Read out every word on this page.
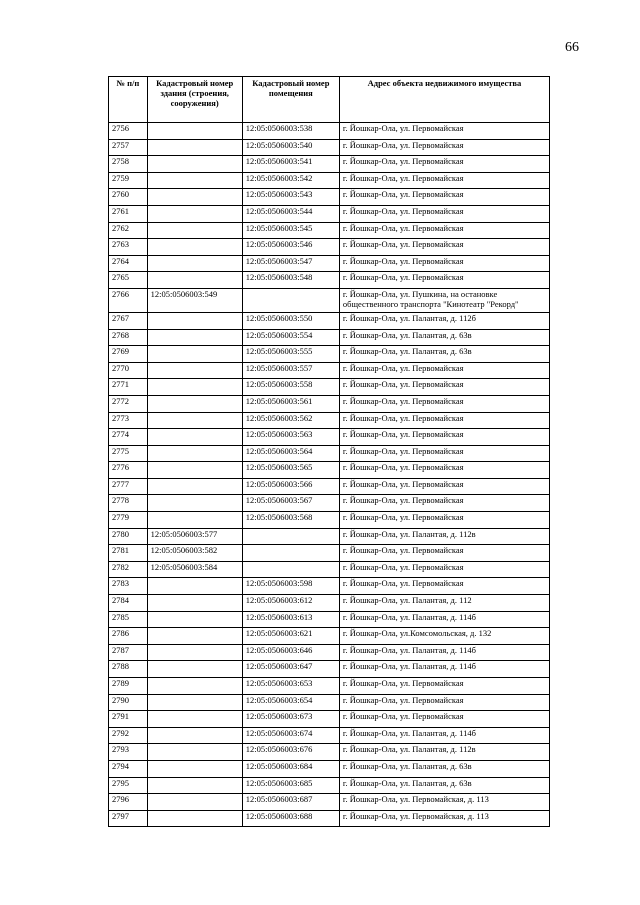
66
№ п/п	Кадастровый номер здания (строения, сооружения)	Кадастровый номер помещения	Адрес объекта недвижимого имущества
2756		12:05:0506003:538	г. Йошкар-Ола, ул. Первомайская
2757		12:05:0506003:540	г. Йошкар-Ола, ул. Первомайская
2758		12:05:0506003:541	г. Йошкар-Ола, ул. Первомайская
2759		12:05:0506003:542	г. Йошкар-Ола, ул. Первомайская
2760		12:05:0506003:543	г. Йошкар-Ола, ул. Первомайская
2761		12:05:0506003:544	г. Йошкар-Ола, ул. Первомайская
2762		12:05:0506003:545	г. Йошкар-Ола, ул. Первомайская
2763		12:05:0506003:546	г. Йошкар-Ола, ул. Первомайская
2764		12:05:0506003:547	г. Йошкар-Ола, ул. Первомайская
2765		12:05:0506003:548	г. Йошкар-Ола, ул. Первомайская
2766	12:05:0506003:549		г. Йошкар-Ола, ул. Пушкина, на остановке общественного транспорта "Кинотеатр "Рекорд"
2767		12:05:0506003:550	г. Йошкар-Ола, ул. Палантая, д. 112б
2768		12:05:0506003:554	г. Йошкар-Ола, ул. Палантая, д. 63в
2769		12:05:0506003:555	г. Йошкар-Ола, ул. Палантая, д. 63в
2770		12:05:0506003:557	г. Йошкар-Ола, ул. Первомайская
2771		12:05:0506003:558	г. Йошкар-Ола, ул. Первомайская
2772		12:05:0506003:561	г. Йошкар-Ола, ул. Первомайская
2773		12:05:0506003:562	г. Йошкар-Ола, ул. Первомайская
2774		12:05:0506003:563	г. Йошкар-Ола, ул. Первомайская
2775		12:05:0506003:564	г. Йошкар-Ола, ул. Первомайская
2776		12:05:0506003:565	г. Йошкар-Ола, ул. Первомайская
2777		12:05:0506003:566	г. Йошкар-Ола, ул. Первомайская
2778		12:05:0506003:567	г. Йошкар-Ола, ул. Первомайская
2779		12:05:0506003:568	г. Йошкар-Ола, ул. Первомайская
2780	12:05:0506003:577		г. Йошкар-Ола, ул. Палантая, д. 112в
2781	12:05:0506003:582		г. Йошкар-Ола, ул. Первомайская
2782	12:05:0506003:584		г. Йошкар-Ола, ул. Первомайская
2783		12:05:0506003:598	г. Йошкар-Ола, ул. Первомайская
2784		12:05:0506003:612	г. Йошкар-Ола, ул. Палантая, д. 112
2785		12:05:0506003:613	г. Йошкар-Ола, ул. Палантая, д. 114б
2786		12:05:0506003:621	г. Йошкар-Ола, ул.Комсомольская, д. 132
2787		12:05:0506003:646	г. Йошкар-Ола, ул. Палантая, д. 114б
2788		12:05:0506003:647	г. Йошкар-Ола, ул. Палантая, д. 114б
2789		12:05:0506003:653	г. Йошкар-Ола, ул. Первомайская
2790		12:05:0506003:654	г. Йошкар-Ола, ул. Первомайская
2791		12:05:0506003:673	г. Йошкар-Ола, ул. Первомайская
2792		12:05:0506003:674	г. Йошкар-Ола, ул. Палантая, д. 114б
2793		12:05:0506003:676	г. Йошкар-Ола, ул. Палантая, д. 112в
2794		12:05:0506003:684	г. Йошкар-Ола, ул. Палантая, д. 63в
2795		12:05:0506003:685	г. Йошкар-Ола, ул. Палантая, д. 63в
2796		12:05:0506003:687	г. Йошкар-Ола, ул. Первомайская, д. 113
2797		12:05:0506003:688	г. Йошкар-Ола, ул. Первомайская, д. 113
